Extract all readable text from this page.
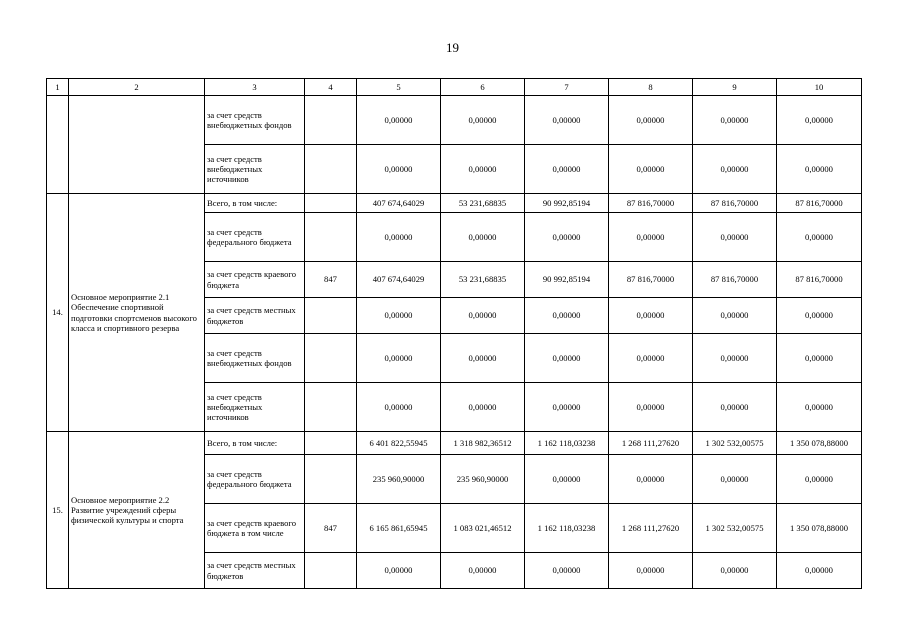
19
1	2	3	4	5	6	7	8	9	10
		за счет средств внебюджетных фондов		0,00000	0,00000	0,00000	0,00000	0,00000	0,00000
		за счет средств внебюджетных источников		0,00000	0,00000	0,00000	0,00000	0,00000	0,00000
14.	Основное мероприятие 2.1 Обеспечение спортивной подготовки спортсменов высокого класса и спортивного резерва	Всего, в том числе:		407 674,64029	53 231,68835	90 992,85194	87 816,70000	87 816,70000	87 816,70000
		за счет средств федерального бюджета		0,00000	0,00000	0,00000	0,00000	0,00000	0,00000
		за счет средств краевого бюджета	847	407 674,64029	53 231,68835	90 992,85194	87 816,70000	87 816,70000	87 816,70000
		за счет средств местных бюджетов		0,00000	0,00000	0,00000	0,00000	0,00000	0,00000
		за счет средств внебюджетных фондов		0,00000	0,00000	0,00000	0,00000	0,00000	0,00000
		за счет средств внебюджетных источников		0,00000	0,00000	0,00000	0,00000	0,00000	0,00000
15.	Основное мероприятие 2.2 Развитие учреждений сферы физической культуры и спорта	Всего, в том числе:		6 401 822,55945	1 318 982,36512	1 162 118,03238	1 268 111,27620	1 302 532,00575	1 350 078,88000
		за счет средств федерального бюджета		235 960,90000	235 960,90000	0,00000	0,00000	0,00000	0,00000
		за счет средств краевого бюджета в том числе	847	6 165 861,65945	1 083 021,46512	1 162 118,03238	1 268 111,27620	1 302 532,00575	1 350 078,88000
		за счет средств местных бюджетов		0,00000	0,00000	0,00000	0,00000	0,00000	0,00000
